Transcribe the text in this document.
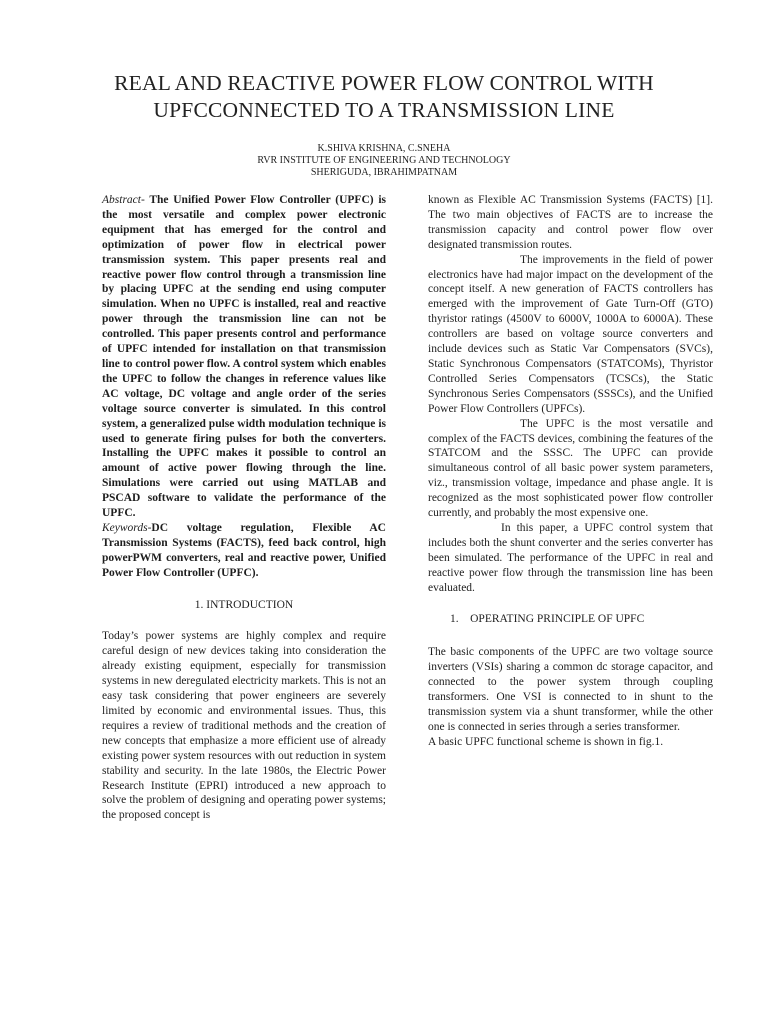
REAL AND REACTIVE POWER FLOW CONTROL WITH
UPFCCONNECTED TO A TRANSMISSION LINE
K.SHIVA KRISHNA, C.SNEHA
RVR INSTITUTE OF ENGINEERING AND TECHNOLOGY
SHERIGUDA, IBRAHIMPATNAM

Abstract- The Unified Power Flow Controller (UPFC) is the most versatile and complex power electronic equipment that has emerged for the control and optimization of power flow in electrical power transmission system. This paper presents real and reactive power flow control through a transmission line by placing UPFC at the sending end using computer simulation. When no UPFC is installed, real and reactive power through the transmission line can not be controlled. This paper presents control and performance of UPFC intended for installation on that transmission line to control power flow. A control system which enables the UPFC to follow the changes in reference values like AC voltage, DC voltage and angle order of the series voltage source converter is simulated. In this control system, a generalized pulse width modulation technique is used to generate firing pulses for both the converters. Installing the UPFC makes it possible to control an amount of active power flowing through the line. Simulations were carried out using MATLAB and PSCAD software to validate the performance of the UPFC.

Keywords-DC voltage regulation, Flexible AC Transmission Systems (FACTS), feed back control, high powerPWM converters, real and reactive power, Unified Power Flow Controller (UPFC).

1. INTRODUCTION

Today’s power systems are highly complex and require careful design of new devices taking into consideration the already existing equipment, especially for transmission systems in new deregulated electricity markets. This is not an easy task considering that power engineers are severely limited by economic and environmental issues. Thus, this requires a review of traditional methods and the creation of new concepts that emphasize a more efficient use of already existing power system resources with out reduction in system stability and security. In the late 1980s, the Electric Power Research Institute (EPRI) introduced a new approach to solve the problem of designing and operating power systems; the proposed concept is

known as Flexible AC Transmission Systems (FACTS) [1]. The two main objectives of FACTS are to increase the transmission capacity and control power flow over designated transmission routes.

The improvements in the field of power electronics have had major impact on the development of the concept itself. A new generation of FACTS controllers has emerged with the improvement of Gate Turn-Off (GTO) thyristor ratings (4500V to 6000V, 1000A to 6000A). These controllers are based on voltage source converters and include devices such as Static Var Compensators (SVCs), Static Synchronous Compensators (STATCOMs), Thyristor Controlled Series Compensators (TCSCs), the Static Synchronous Series Compensators (SSSCs), and the Unified Power Flow Controllers (UPFCs).

The UPFC is the most versatile and complex of the FACTS devices, combining the features of the STATCOM and the SSSC. The UPFC can provide simultaneous control of all basic power system parameters, viz., transmission voltage, impedance and phase angle. It is recognized as the most sophisticated power flow controller currently, and probably the most expensive one.

In this paper, a UPFC control system that includes both the shunt converter and the series converter has been simulated. The performance of the UPFC in real and reactive power flow through the transmission line has been evaluated.

1.    OPERATING PRINCIPLE OF UPFC

The basic components of the UPFC are two voltage source inverters (VSIs) sharing a common dc storage capacitor, and connected to the power system through coupling transformers. One VSI is connected to in shunt to the transmission system via a shunt transformer, while the other one is connected in series through a series transformer.

A basic UPFC functional scheme is shown in fig.1.
